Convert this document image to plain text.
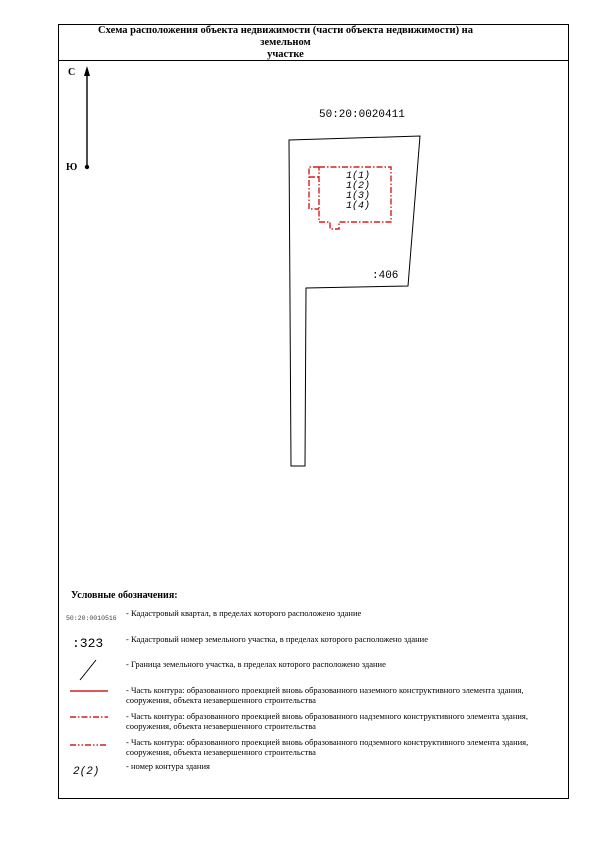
Схема расположения объекта недвижимости (части объекта недвижимости) на земельном
участке
С
Ю
50:20:0020411
:406
1(1)
1(2)
1(3)
1(4)
Условные обозначения:
50:20:0010516
- Кадастровый квартал, в пределах которого расположено здание
:323	- Кадастровый номер земельного участка, в пределах которого расположено здание
- Граница земельного участка, в пределах которого расположено здание
- Часть контура: образованного проекцией вновь образованного наземного конструктивного элемента здания, сооружения, объекта незавершенного строительства
- Часть контура: образованного проекцией вновь образованного надземного конструктивного элемента здания, сооружения, объекта незавершенного строительства
- Часть контура: образованного проекцией вновь образованного подземного конструктивного элемента здания, сооружения, объекта незавершенного строительства
2(2)	- номер контура здания
